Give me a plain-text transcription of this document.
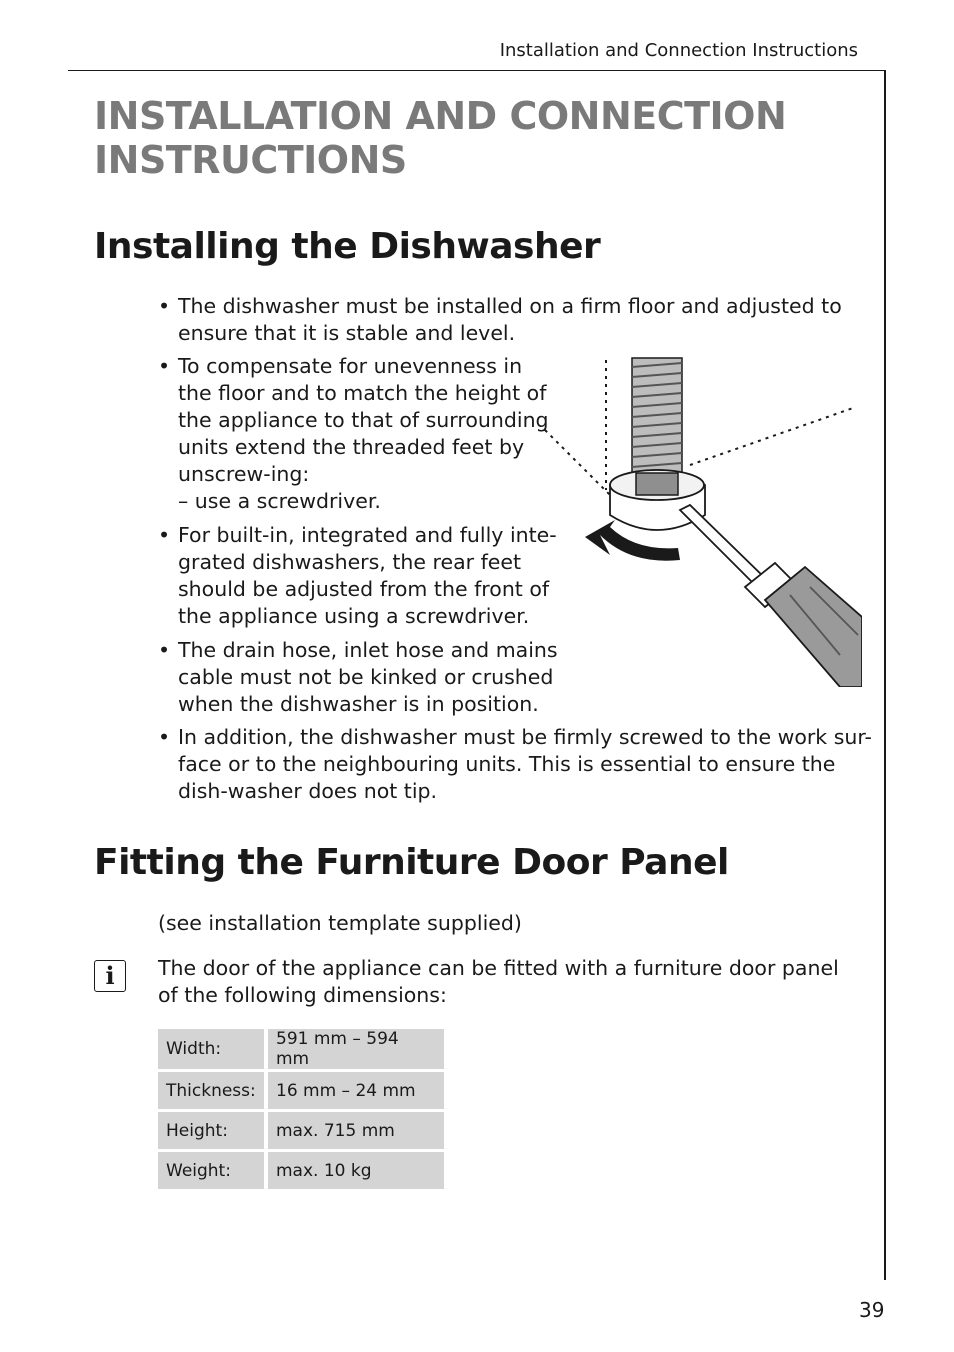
Installation and Connection Instructions
INSTALLATION AND CONNECTION INSTRUCTIONS
Installing the Dishwasher
• The dishwasher must be installed on a firm floor and adjusted to ensure that it is stable and level.
• To compensate for unevenness in the floor and to match the height of the appliance to that of surrounding units extend the threaded feet by unscrew-ing:
– use a screwdriver.
• For built-in, integrated and fully inte-grated dishwashers, the rear feet should be adjusted from the front of the appliance using a screwdriver.
• The drain hose, inlet hose and mains cable must not be kinked or crushed when the dishwasher is in position.
• In addition, the dishwasher must be firmly screwed to the work sur-face or to the neighbouring units. This is essential to ensure the dish-washer does not tip.
Fitting the Furniture Door Panel
(see installation template supplied)
i	The door of the appliance can be fitted with a furniture door panel of the following dimensions:
Width:	591 mm – 594 mm
Thickness:	16 mm – 24 mm
Height:	max. 715 mm
Weight:	max. 10 kg
39
